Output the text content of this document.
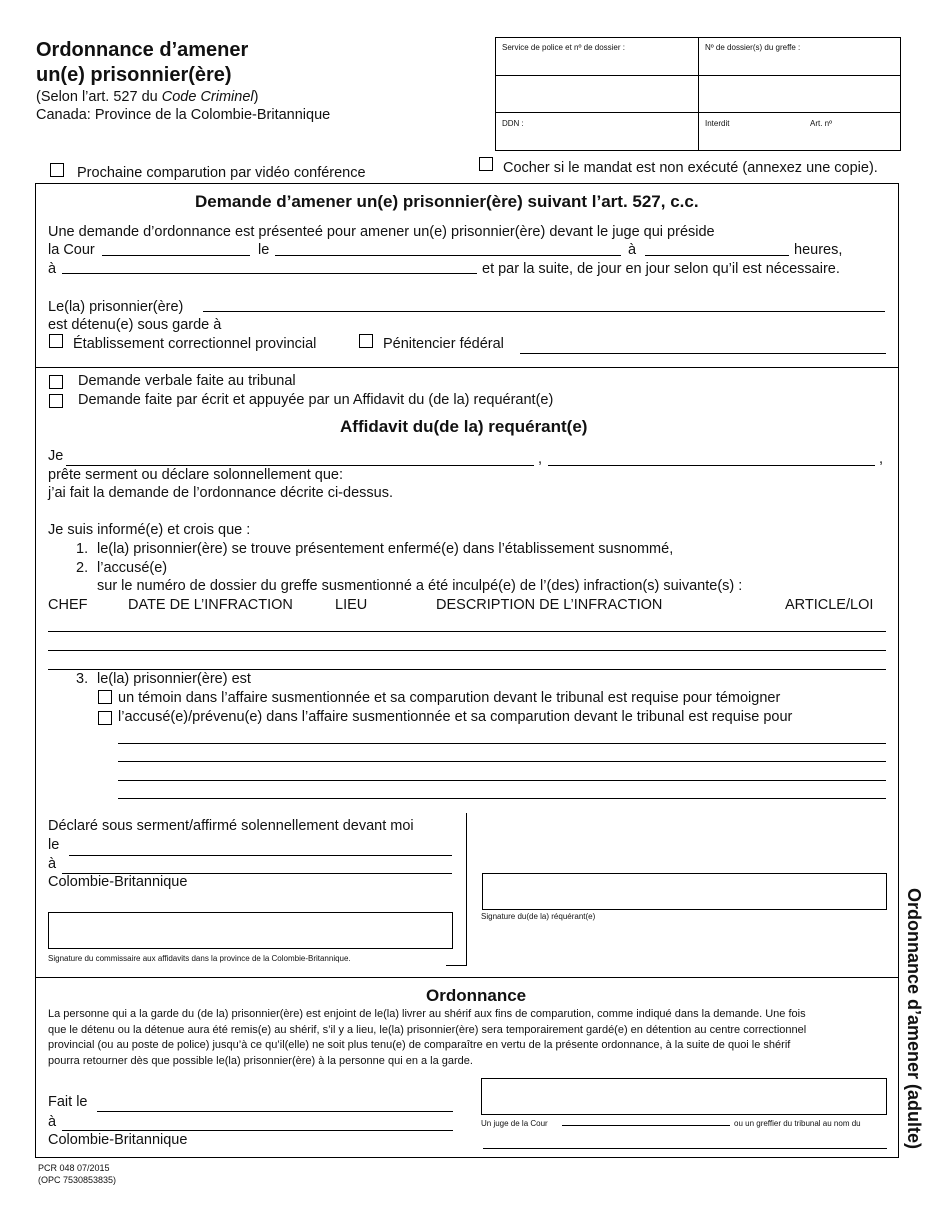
Ordonnance d’amener
un(e) prisonnier(ère)
(Selon l’art. 527 du Code Criminel)
Canada: Province de la Colombie-Britannique
Service de police et nº de dossier :	Nº de dossier(s) du greffe :
DDN :	Interdit	Art. nº
Prochaine comparution par vidéo conférence	Cocher si le mandat est non exécuté (annexez une copie).
Demande d’amener un(e) prisonnier(ère) suivant l’art. 527, c.c.
Une demande d’ordonnance est présenteé pour amener un(e) prisonnier(ère) devant le juge qui préside
la Cour	le	à	heures,
à	et par la suite, de jour en jour selon qu’il est nécessaire.
Le(la) prisonnier(ère)
est détenu(e) sous garde à
Établissement correctionnel provincial	Pénitencier fédéral
Demande verbale faite au tribunal
Demande faite par écrit et appuyée par un Affidavit du (de la) requérant(e)
Affidavit du(de la) requérant(e)
Je	,	,
prête serment ou déclare solonnellement que:
j’ai fait la demande de l’ordonnance décrite ci-dessus.
Je suis informé(e) et crois que :
1. le(la) prisonnier(ère) se trouve présentement enfermé(e) dans l’établissement susnommé,
2. l’accusé(e)
sur le numéro de dossier du greffe susmentionné a été inculpé(e) de l’(des) infraction(s) suivante(s) :
CHEF	DATE DE L’INFRACTION	LIEU	DESCRIPTION DE L’INFRACTION	ARTICLE/LOI
3. le(la) prisonnier(ère) est
un témoin dans l’affaire susmentionnée et sa comparution devant le tribunal est requise pour témoigner
l’accusé(e)/prévenu(e) dans l’affaire susmentionnée et sa comparution devant le tribunal est requise pour
Déclaré sous serment/affirmé solennellement devant moi
le
à
Colombie-Britannique
Signature du(de la) réquérant(e)
Signature du commissaire aux affidavits dans la province de la Colombie-Britannique.
Ordonnance
La personne qui a la garde du (de la) prisonnier(ère) est enjoint de le(la) livrer au shérif aux fins de comparution, comme indiqué dans la demande. Une fois
que le détenu ou la détenue aura été remis(e) au shérif, s’il y a lieu, le(la) prisonnier(ère) sera temporairement gardé(e) en détention au centre correctionnel
provincial (ou au poste de police) jusqu’à ce qu’il(elle) ne soit plus tenu(e) de comparaître en vertu de la présente ordonnance, à la suite de quoi le shérif
pourra retourner dès que possible le(la) prisonnier(ère) à la personne qui en a la garde.
Fait le
à
Colombie-Britannique
Un juge de la Cour	ou un greffier du tribunal au nom du Ordonnance d’amener (adulte)
PCR 048 07/2015
(OPC 7530853835)
